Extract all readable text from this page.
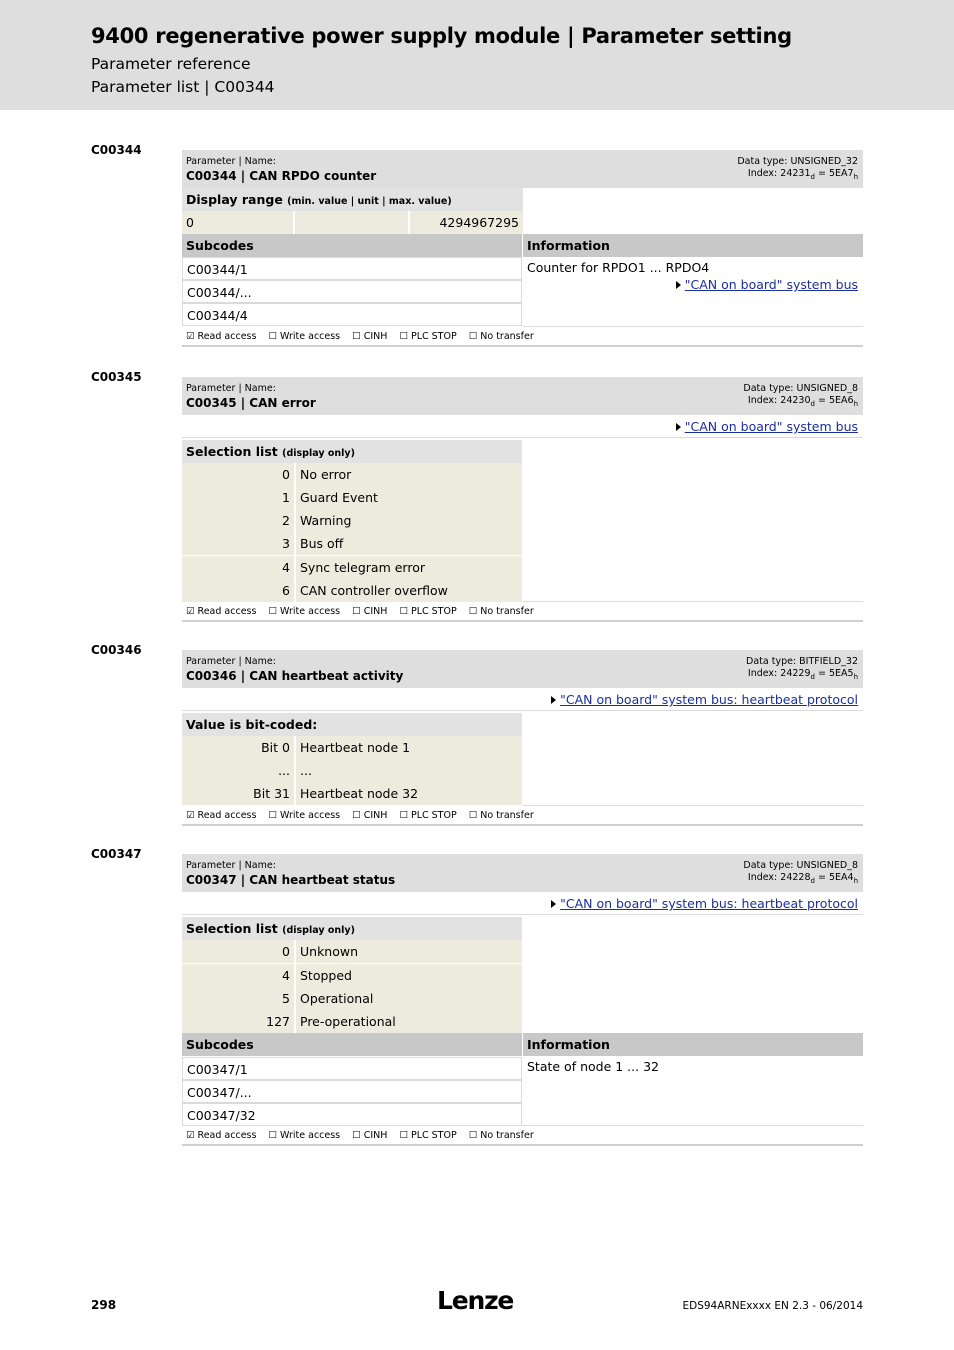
9400 regenerative power supply module | Parameter setting
Parameter reference
Parameter list | C00344
C00344
Parameter | Name:
C00344 | CAN RPDO counter
Data type: UNSIGNED_32
Index: $24231_d = 5EA7_h$
Display range (min. value | unit | max. value)
0	4294967295
Subcodes	Information
C00344/1
C00344/...
C00344/4
Counter for RPDO1 ... RPDO4
"CAN on board" system bus
☑ Read access ☐ Write access ☐ CINH ☐ PLC STOP ☐ No transfer
C00345
Parameter | Name:
C00345 | CAN error
Data type: UNSIGNED_8
Index: $24230_d = 5EA6_h$
"CAN on board" system bus
Selection list (display only)
0 No error
1 Guard Event
2 Warning
3 Bus off
4 Sync telegram error
6 CAN controller overflow
☑ Read access ☐ Write access ☐ CINH ☐ PLC STOP ☐ No transfer
C00346
Parameter | Name:
C00346 | CAN heartbeat activity
Data type: BITFIELD_32
Index: $24229_d = 5EA5_h$
"CAN on board" system bus: heartbeat protocol
Value is bit-coded:
Bit 0 Heartbeat node 1
... ...
Bit 31 Heartbeat node 32
☑ Read access ☐ Write access ☐ CINH ☐ PLC STOP ☐ No transfer
C00347
Parameter | Name:
C00347 | CAN heartbeat status
Data type: UNSIGNED_8
Index: $24228_d = 5EA4_h$
"CAN on board" system bus: heartbeat protocol
Selection list (display only)
0 Unknown
4 Stopped
5 Operational
127 Pre-operational
Subcodes	Information
C00347/1
C00347/...
C00347/32
State of node 1 ... 32
☑ Read access ☐ Write access ☐ CINH ☐ PLC STOP ☐ No transfer
298	Lenze	EDS94ARNExxxx EN 2.3 - 06/2014
